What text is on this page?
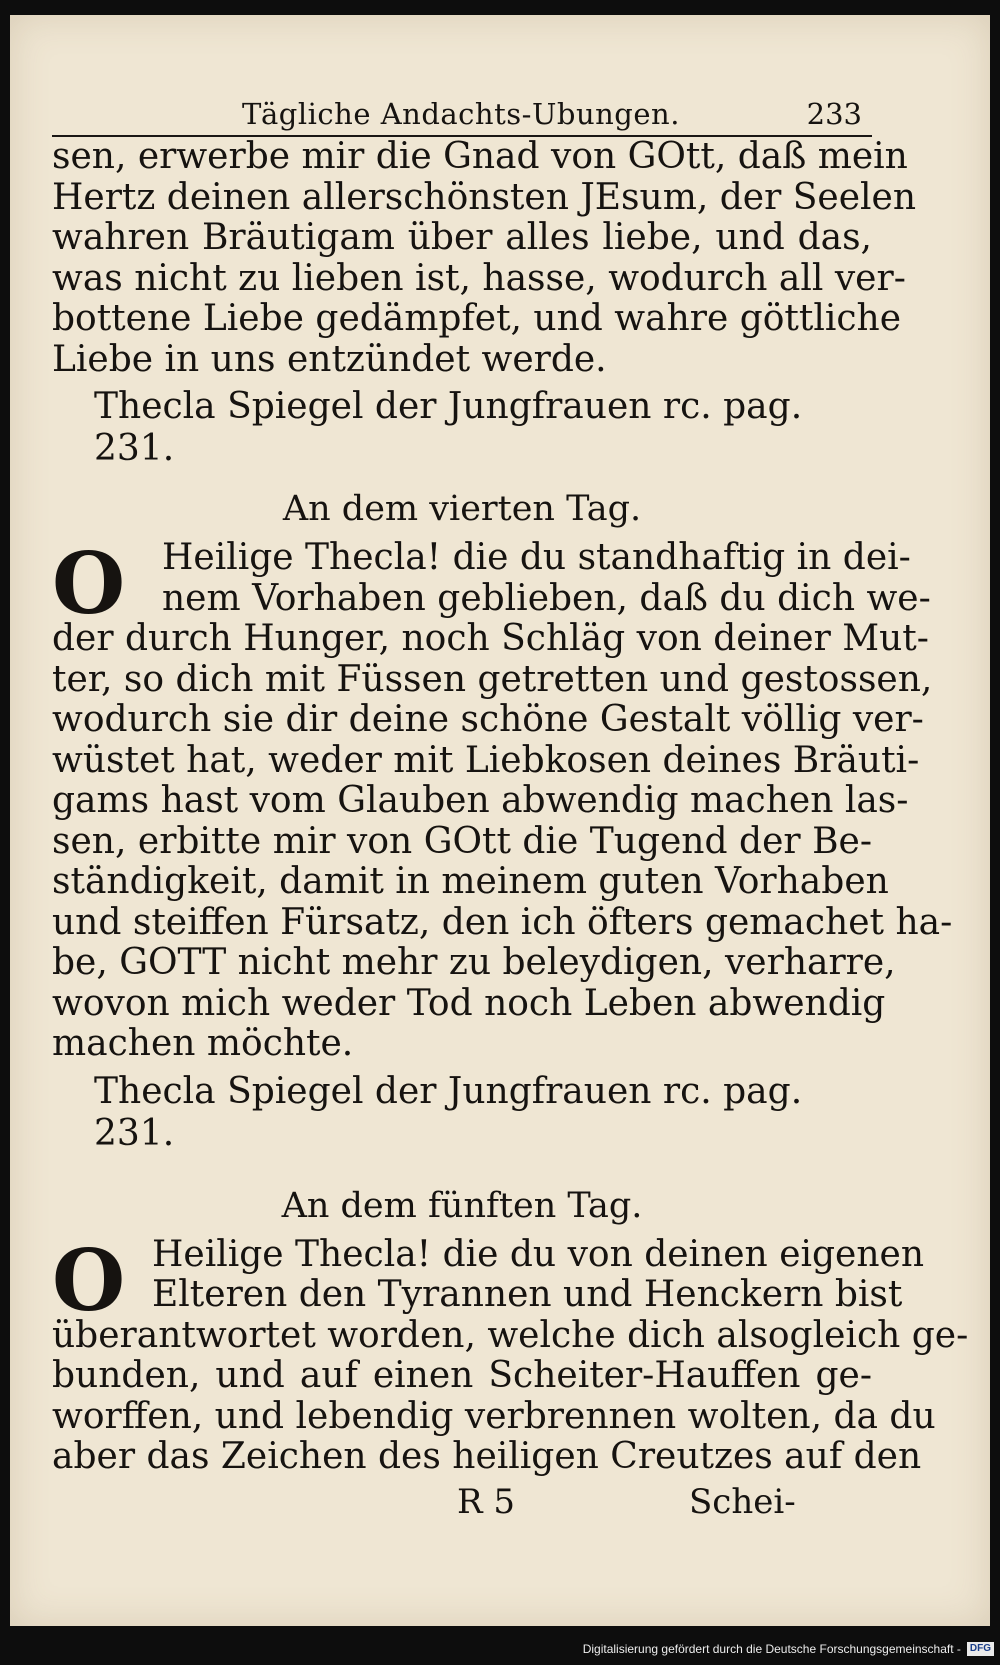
Tägliche Andachts-Ubungen.	233
sen, erwerbe mir die Gnad von GOtt, daß mein
Hertz deinen allerschönsten JEsum, der Seelen
wahren Bräutigam über alles liebe, und das,
was nicht zu lieben ist, hasse, wodurch all ver-
bottene Liebe gedämpfet, und wahre göttliche
Liebe in uns entzündet werde.
Thecla Spiegel der Jungfrauen rc. pag. 231.
An dem vierten Tag.
O	Heilige Thecla! die du standhaftig in dei-
nem Vorhaben geblieben, daß du dich we-
der durch Hunger, noch Schläg von deiner Mut-
ter, so dich mit Füssen getretten und gestossen,
wodurch sie dir deine schöne Gestalt völlig ver-
wüstet hat, weder mit Liebkosen deines Bräuti-
gams hast vom Glauben abwendig machen las-
sen, erbitte mir von GOtt die Tugend der Be-
ständigkeit, damit in meinem guten Vorhaben
und steiffen Fürsatz, den ich öfters gemachet ha-
be, GOTT nicht mehr zu beleydigen, verharre,
wovon mich weder Tod noch Leben abwendig
machen möchte.
Thecla Spiegel der Jungfrauen rc. pag. 231.
An dem fünften Tag.
O Heilige Thecla! die du von deinen eigenen
Elteren den Tyrannen und Henckern bist
überantwortet worden, welche dich alsogleich ge-
bunden, und auf einen Scheiter-Hauffen ge-
worffen, und lebendig verbrennen wolten, da du
aber das Zeichen des heiligen Creutzes auf den
R 5	Schei-
Digitalisierung gefördert durch die Deutsche Forschungsgemeinschaft - DFG
